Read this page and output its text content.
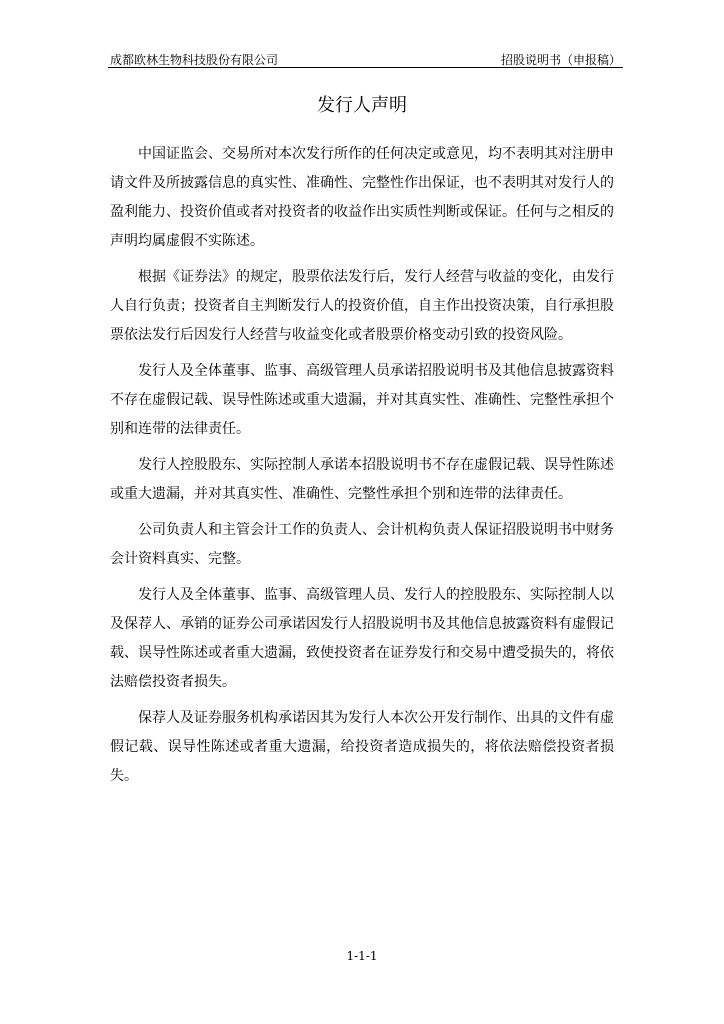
成都欧林生物科技股份有限公司	招股说明书（申报稿）
发行人声明

中国证监会、交易所对本次发行所作的任何决定或意见，均不表明其对注册申请文件及所披露信息的真实性、准确性、完整性作出保证，也不表明其对发行人的盈利能力、投资价值或者对投资者的收益作出实质性判断或保证。任何与之相反的声明均属虚假不实陈述。

根据《证券法》的规定，股票依法发行后，发行人经营与收益的变化，由发行人自行负责；投资者自主判断发行人的投资价值，自主作出投资决策，自行承担股票依法发行后因发行人经营与收益变化或者股票价格变动引致的投资风险。

发行人及全体董事、监事、高级管理人员承诺招股说明书及其他信息披露资料不存在虚假记载、误导性陈述或重大遗漏，并对其真实性、准确性、完整性承担个别和连带的法律责任。

发行人控股股东、实际控制人承诺本招股说明书不存在虚假记载、误导性陈述或重大遗漏，并对其真实性、准确性、完整性承担个别和连带的法律责任。

公司负责人和主管会计工作的负责人、会计机构负责人保证招股说明书中财务会计资料真实、完整。

发行人及全体董事、监事、高级管理人员、发行人的控股股东、实际控制人以及保荐人、承销的证券公司承诺因发行人招股说明书及其他信息披露资料有虚假记载、误导性陈述或者重大遗漏，致使投资者在证券发行和交易中遭受损失的，将依法赔偿投资者损失。

保荐人及证券服务机构承诺因其为发行人本次公开发行制作、出具的文件有虚假记载、误导性陈述或者重大遗漏，给投资者造成损失的，将依法赔偿投资者损失。

1-1-1
